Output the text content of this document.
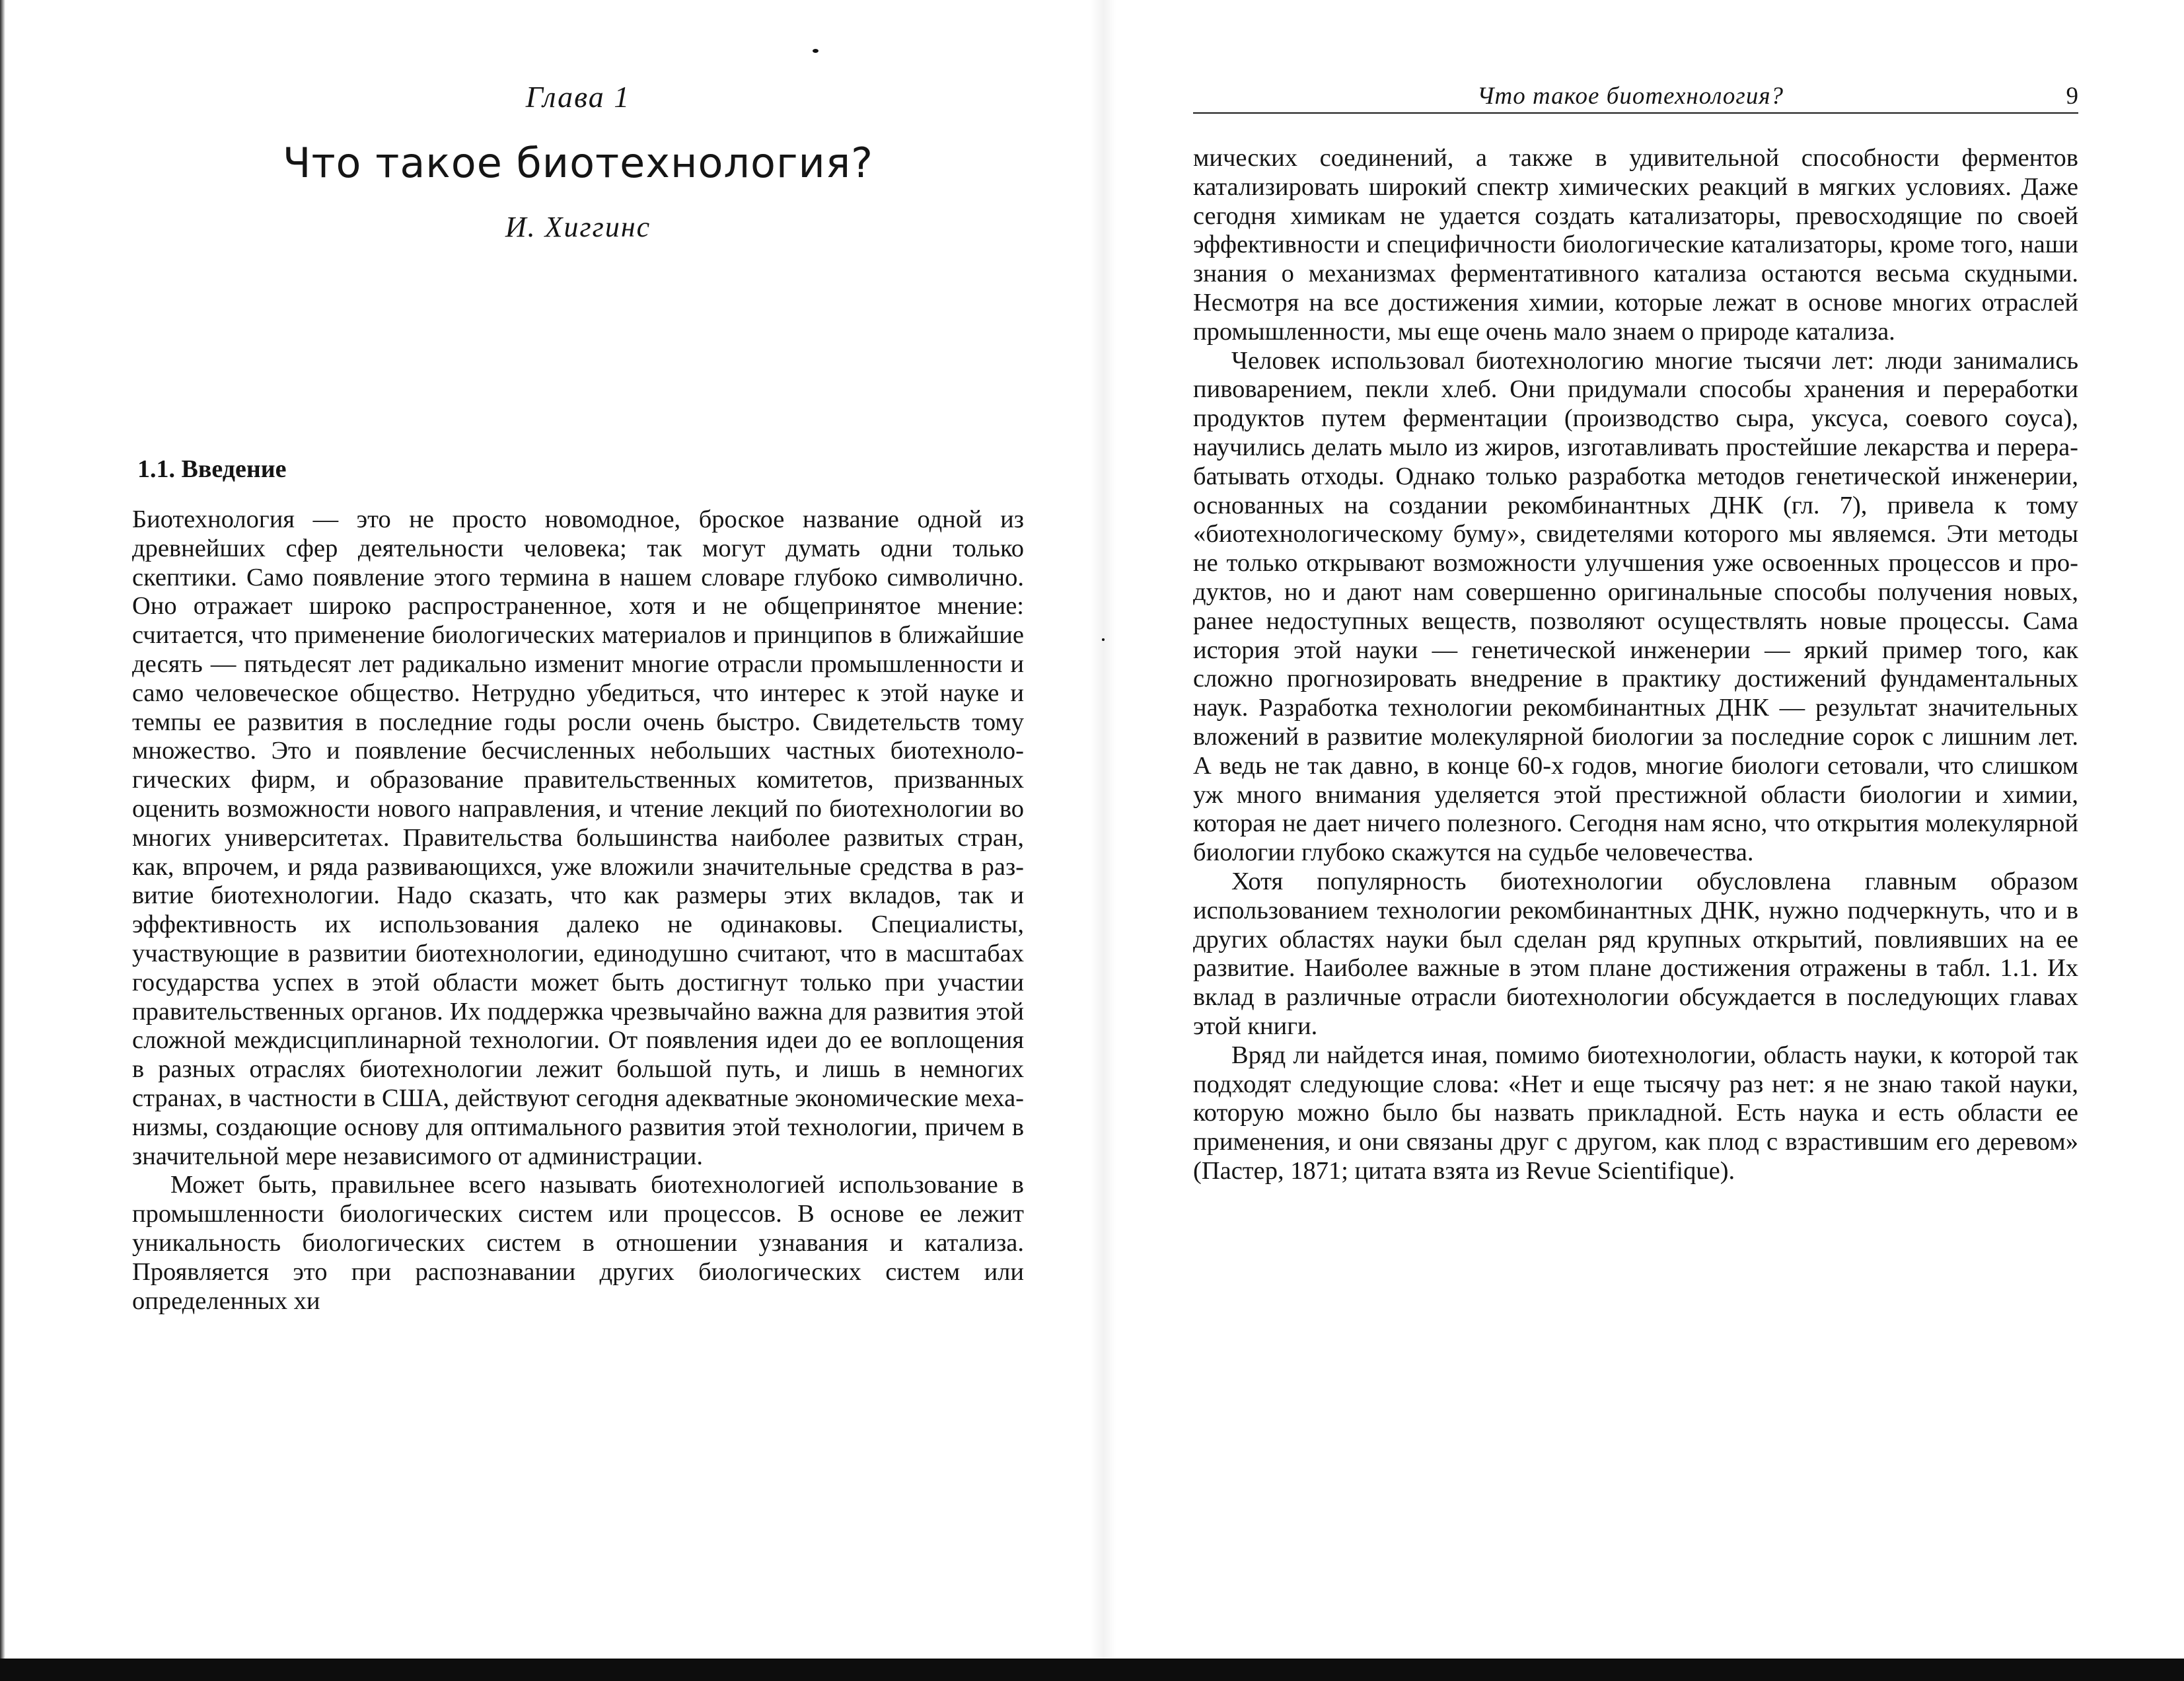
Глава 1
Что такое биотехнология?
И. Хиггинс
1.1. Введение

Биотехнология — это не просто новомодное, броское название одной из древнейших сфер деятельности человека; так могут думать одни только скептики. Само появление этого термина в нашем словаре глубоко символично. Оно отражает широко распространенное, хотя и не общепринятое мнение: считается, что применение биологических материалов и принципов в ближайшие десять — пятьдесят лет радикально изменит многие отрасли промышленности и само человеческое общество. Нетрудно убедиться, что интерес к этой науке и темпы ее развития в последние годы росли очень быстро. Свидетельств тому множество. Это и появление бесчисленных небольших частных биотехнологических фирм, и образование правительственных комитетов, призванных оценить возможности нового направления, и чтение лекций по биотехнологии во многих университетах. Правительства большинства наиболее развитых стран, как, впрочем, и ряда развивающихся, уже вложили значительные средства в развитие биотехнологии. Надо сказать, что как размеры этих вкладов, так и эффективность их использования далеко не одинаковы. Специалисты, участвующие в развитии биотехнологии, единодушно считают, что в масштабах государства успех в этой области может быть достигнут только при участии правительственных органов. Их поддержка чрезвычайно важна для развития этой сложной междисциплинарной технологии. От появления идеи до ее воплощения в разных отраслях биотехнологии лежит большой путь, и лишь в немногих странах, в частности в США, действуют сегодня адекватные экономические механизмы, создающие основу для оптимального развития этой технологии, причем в значительной мере независимого от администрации.

Может быть, правильнее всего называть биотехнологией использование в промышленности биологических систем или процессов. В основе ее лежит уникальность биологических систем в отношении узнавания и катализа. Проявляется это при распознавании других биологических систем или определенных хи

Что такое биотехнология?	9

мических соединений, а также в удивительной способности ферментов катализировать широкий спектр химических реакций в мягких условиях. Даже сегодня химикам не удается создать катализаторы, превосходящие по своей эффективности и специфичности биологические катализаторы, кроме того, наши знания о механизмах ферментативного катализа остаются весьма скудными. Несмотря на все достижения химии, которые лежат в основе многих отраслей промышленности, мы еще очень мало знаем о природе катализа.

Человек использовал биотехнологию многие тысячи лет: люди занимались пивоварением, пекли хлеб. Они придумали способы хранения и переработки продуктов путем ферментации (производство сыра, уксуса, соевого соуса), научились делать мыло из жиров, изготавливать простейшие лекарства и перерабатывать отходы. Однако только разработка методов генетической инженерии, основанных на создании рекомбинантных ДНК (гл. 7), привела к тому «биотехнологическому буму», свидетелями которого мы являемся. Эти методы не только открывают возможности улучшения уже освоенных процессов и продуктов, но и дают нам совершенно оригинальные способы получения новых, ранее недоступных веществ, позволяют осуществлять новые процессы. Сама история этой науки — генетической инженерии — яркий пример того, как сложно прогнозировать внедрение в практику достижений фундаментальных наук. Разработка технологии рекомбинантных ДНК — результат значительных вложений в развитие молекулярной биологии за последние сорок с лишним лет. А ведь не так давно, в конце 60-х годов, многие биологи сетовали, что слишком уж много внимания уделяется этой престижной области биологии и химии, которая не дает ничего полезного. Сегодня нам ясно, что открытия молекулярной биологии глубоко скажутся на судьбе человечества.

Хотя популярность биотехнологии обусловлена главным образом использованием технологии рекомбинантных ДНК, нужно подчеркнуть, что и в других областях науки был сделан ряд крупных открытий, повлиявших на ее развитие. Наиболее важные в этом плане достижения отражены в табл. 1.1. Их вклад в различные отрасли биотехнологии обсуждается в последующих главах этой книги.

Вряд ли найдется иная, помимо биотехнологии, область науки, к которой так подходят следующие слова: «Нет и еще тысячу раз нет: я не знаю такой науки, которую можно было бы назвать прикладной. Есть наука и есть области ее применения, и они связаны друг с другом, как плод с взрастившим его деревом» (Пастер, 1871; цитата взята из Revue Scientifique).
